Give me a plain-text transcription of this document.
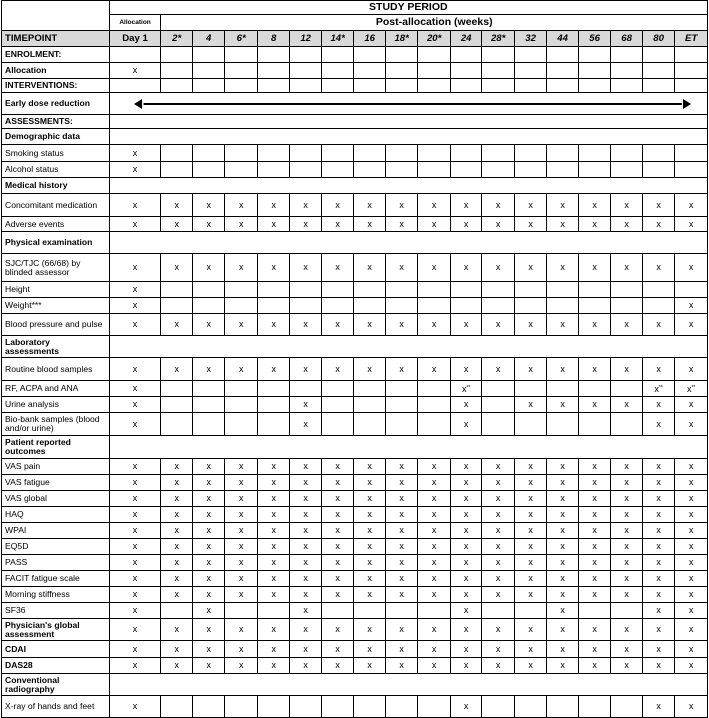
	STUDY PERIOD																	
	Allocation	Post-allocation (weeks)																
TIMEPOINT	Day 1	2*	4	6*	8	12	14*	16	18*	20*	24	28*	32	44	56	68	80	ET
ENROLMENT:																		
Allocation	x																	
INTERVENTIONS:																		
Early dose reduction	

ASSESSMENTS:																		
Demographic data																		
Smoking status	x																	
Alcohol status	x																	
Medical history																		
Concomitant medication	x	x	x	x	x	x	x	x	x	x	x	x	x	x	x	x	x	x
Adverse events	x	x	x	x	x	x	x	x	x	x	x	x	x	x	x	x	x	x
Physical examination																		
SJC/TJC (66/68) by blinded assessor	x	x	x	x	x	x	x	x	x	x	x	x	x	x	x	x	x	x
Height	x																	
Weight***	x																	x
Blood pressure and pulse	x	x	x	x	x	x	x	x	x	x	x	x	x	x	x	x	x	x
Laboratory assessments																		
Routine blood samples	x	x	x	x	x	x	x	x	x	x	x	x	x	x	x	x	x	x
RF, ACPA and ANA	x										x**						x**	x**
Urine analysis	x					x					x		x	x	x	x	x	x
Bio-bank samples (blood and/or urine)	x					x					x						x	x
Patient reported outcomes																		
VAS pain	x	x	x	x	x	x	x	x	x	x	x	x	x	x	x	x	x	x
VAS fatigue	x	x	x	x	x	x	x	x	x	x	x	x	x	x	x	x	x	x
VAS global	x	x	x	x	x	x	x	x	x	x	x	x	x	x	x	x	x	x
HAQ	x	x	x	x	x	x	x	x	x	x	x	x	x	x	x	x	x	x
WPAI	x	x	x	x	x	x	x	x	x	x	x	x	x	x	x	x	x	x
EQ5D	x	x	x	x	x	x	x	x	x	x	x	x	x	x	x	x	x	x
PASS	x	x	x	x	x	x	x	x	x	x	x	x	x	x	x	x	x	x
FACIT fatigue scale	x	x	x	x	x	x	x	x	x	x	x	x	x	x	x	x	x	x
Morning stiffness	x	x	x	x	x	x	x	x	x	x	x	x	x	x	x	x	x	x
SF36	x		x			x					x			x			x	x
Physician's global assessment	x	x	x	x	x	x	x	x	x	x	x	x	x	x	x	x	x	x
CDAI	x	x	x	x	x	x	x	x	x	x	x	x	x	x	x	x	x	x
DAS28	x	x	x	x	x	x	x	x	x	x	x	x	x	x	x	x	x	x
Conventional radiography																		
X-ray of hands and feet	x										x						x	x
